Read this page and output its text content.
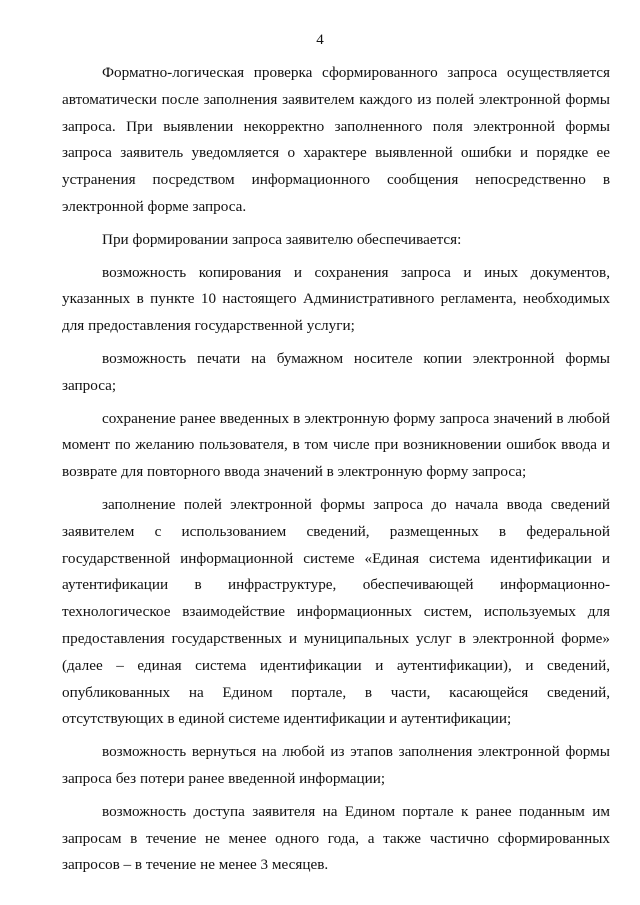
4

Форматно-логическая проверка сформированного запроса осуществляется автоматически после заполнения заявителем каждого из полей электронной формы запроса. При выявлении некорректно заполненного поля электронной формы запроса заявитель уведомляется о характере выявленной ошибки и порядке ее устранения посредством информационного сообщения непосредственно в электронной форме запроса.

При формировании запроса заявителю обеспечивается:

возможность копирования и сохранения запроса и иных документов, указанных в пункте 10 настоящего Административного регламента, необходимых для предоставления государственной услуги;

возможность печати на бумажном носителе копии электронной формы запроса;

сохранение ранее введенных в электронную форму запроса значений в любой момент по желанию пользователя, в том числе при возникновении ошибок ввода и возврате для повторного ввода значений в электронную форму запроса;

заполнение полей электронной формы запроса до начала ввода сведений заявителем с использованием сведений, размещенных в федеральной государственной информационной системе «Единая система идентификации и аутентификации в инфраструктуре, обеспечивающей информационно-технологическое взаимодействие информационных систем, используемых для предоставления государственных и муниципальных услуг в электронной форме» (далее – единая система идентификации и аутентификации), и сведений, опубликованных на Едином портале, в части, касающейся сведений, отсутствующих в единой системе идентификации и аутентификации;

возможность вернуться на любой из этапов заполнения электронной формы запроса без потери ранее введенной информации;

возможность доступа заявителя на Едином портале к ранее поданным им запросам в течение не менее одного года, а также частично сформированных запросов – в течение не менее 3 месяцев.
